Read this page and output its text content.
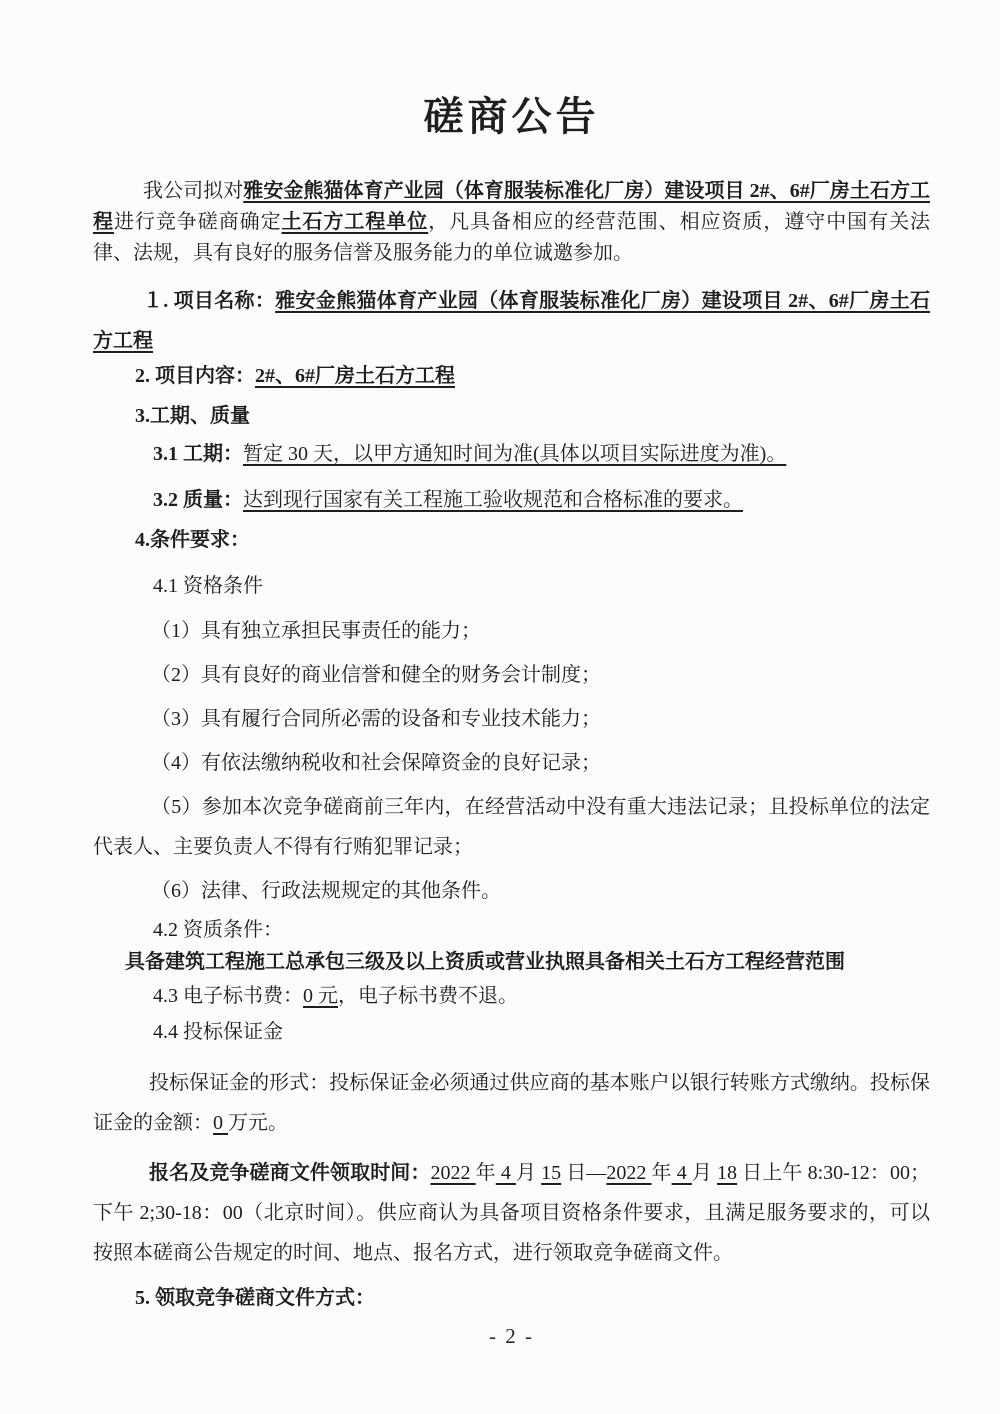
磋商公告

我公司拟对雅安金熊猫体育产业园（体育服装标准化厂房）建设项目 2#、6#厂房土石方工程进行竞争磋商确定土石方工程单位，凡具备相应的经营范围、相应资质，遵守中国有关法律、法规，具有良好的服务信誉及服务能力的单位诚邀参加。

１. 项目名称：雅安金熊猫体育产业园（体育服装标准化厂房）建设项目 2#、6#厂房土石方工程

2. 项目内容：2#、6#厂房土石方工程

3.工期、质量

3.1 工期：暂定 30 天，以甲方通知时间为准(具体以项目实际进度为准)。

3.2 质量：达到现行国家有关工程施工验收规范和合格标准的要求。

4.条件要求：

4.1 资格条件

（1）具有独立承担民事责任的能力；

（2）具有良好的商业信誉和健全的财务会计制度；

（3）具有履行合同所必需的设备和专业技术能力；

（4）有依法缴纳税收和社会保障资金的良好记录；

（5）参加本次竞争磋商前三年内，在经营活动中没有重大违法记录；且投标单位的法定代表人、主要负责人不得有行贿犯罪记录；

（6）法律、行政法规规定的其他条件。

4.2 资质条件：

具备建筑工程施工总承包三级及以上资质或营业执照具备相关土石方工程经营范围

4.3 电子标书费：0 元，电子标书费不退。

4.4 投标保证金

投标保证金的形式：投标保证金必须通过供应商的基本账户以银行转账方式缴纳。投标保证金的金额：0 万元。

报名及竞争磋商文件领取时间：2022 年 4 月 15 日—2022 年 4 月 18 日上午 8:30-12：00；下午 2;30-18：00（北京时间）。供应商认为具备项目资格条件要求，且满足服务要求的，可以按照本磋商公告规定的时间、地点、报名方式，进行领取竞争磋商文件。

5. 领取竞争磋商文件方式：

- 2 -
